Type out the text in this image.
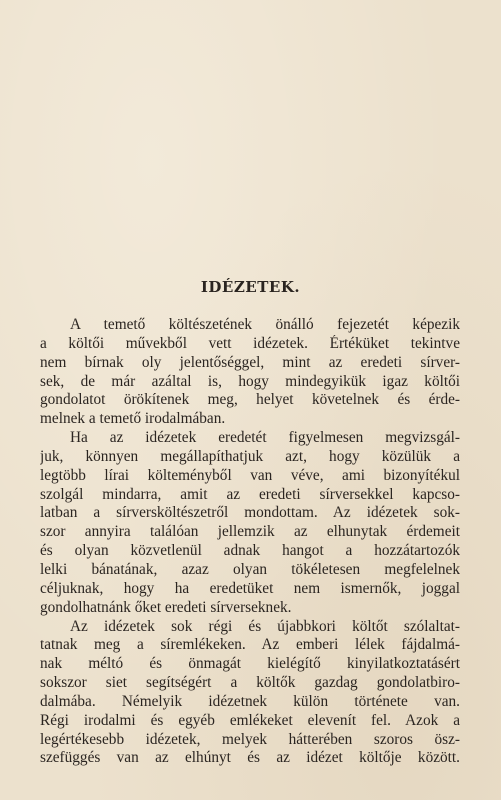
IDÉZETEK.

A temető költészetének önálló fejezetét képezik
a költői művekből vett idézetek. Értéküket tekintve
nem bírnak oly jelentőséggel, mint az eredeti sírver-
sek, de már azáltal is, hogy mindegyikük igaz költői
gondolatot örökítenek meg, helyet követelnek és érde-
melnek a temető irodalmában.

Ha az idézetek eredetét figyelmesen megvizsgál-
juk, könnyen megállapíthatjuk azt, hogy közülük a
legtöbb lírai költeményből van véve, ami bizonyítékul
szolgál mindarra, amit az eredeti sírversekkel kapcso-
latban a sírversköltészetről mondottam. Az idézetek sok-
szor annyira találóan jellemzik az elhunytak érdemeit
és olyan közvetlenül adnak hangot a hozzátartozók
lelki bánatának, azaz olyan tökéletesen megfelelnek
céljuknak, hogy ha eredetüket nem ismernők, joggal
gondolhatnánk őket eredeti sírverseknek.

Az idézetek sok régi és újabbkori költőt szólaltat-
tatnak meg a síremlékeken. Az emberi lélek fájdalmá-
nak méltó és önmagát kielégítő kinyilatkoztatásért
sokszor siet segítségért a költők gazdag gondolatbiro-
dalmába. Némelyik idézetnek külön története van.
Régi irodalmi és egyéb emlékeket elevenít fel. Azok a
legértékesebb idézetek, melyek hátterében szoros ösz-
szefüggés van az elhúnyt és az idézet költője között.
